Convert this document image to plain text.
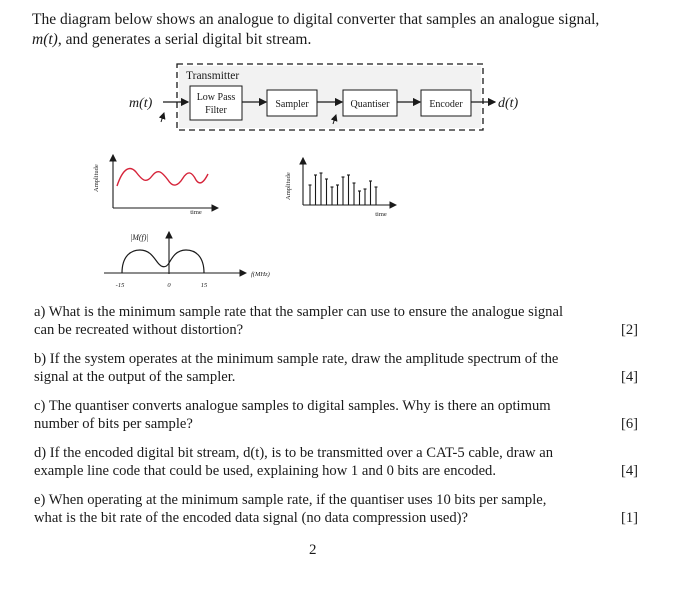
The diagram below shows an analogue to digital converter that samples an analogue signal,
m(t), and generates a serial digital bit stream.
Transmitter
m(t)	Low Pass
Filter
Sampler	Quantiser	Encoder	d(t)
Amplitude
time
Amplitude
time
|M(f)|
f(MHz)
-15	0	15
a) What is the minimum sample rate that the sampler can use to ensure the analogue signal
can be recreated without distortion?	[2]
b) If the system operates at the minimum sample rate, draw the amplitude spectrum of the
signal at the output of the sampler.	[4]
c) The quantiser converts analogue samples to digital samples. Why is there an optimum
number of bits per sample?	[6]
d) If the encoded digital bit stream, d(t), is to be transmitted over a CAT-5 cable, draw an
example line code that could be used, explaining how 1 and 0 bits are encoded.	[4]
e) When operating at the minimum sample rate, if the quantiser uses 10 bits per sample,
what is the bit rate of the encoded data signal (no data compression used)?	[1]
2
